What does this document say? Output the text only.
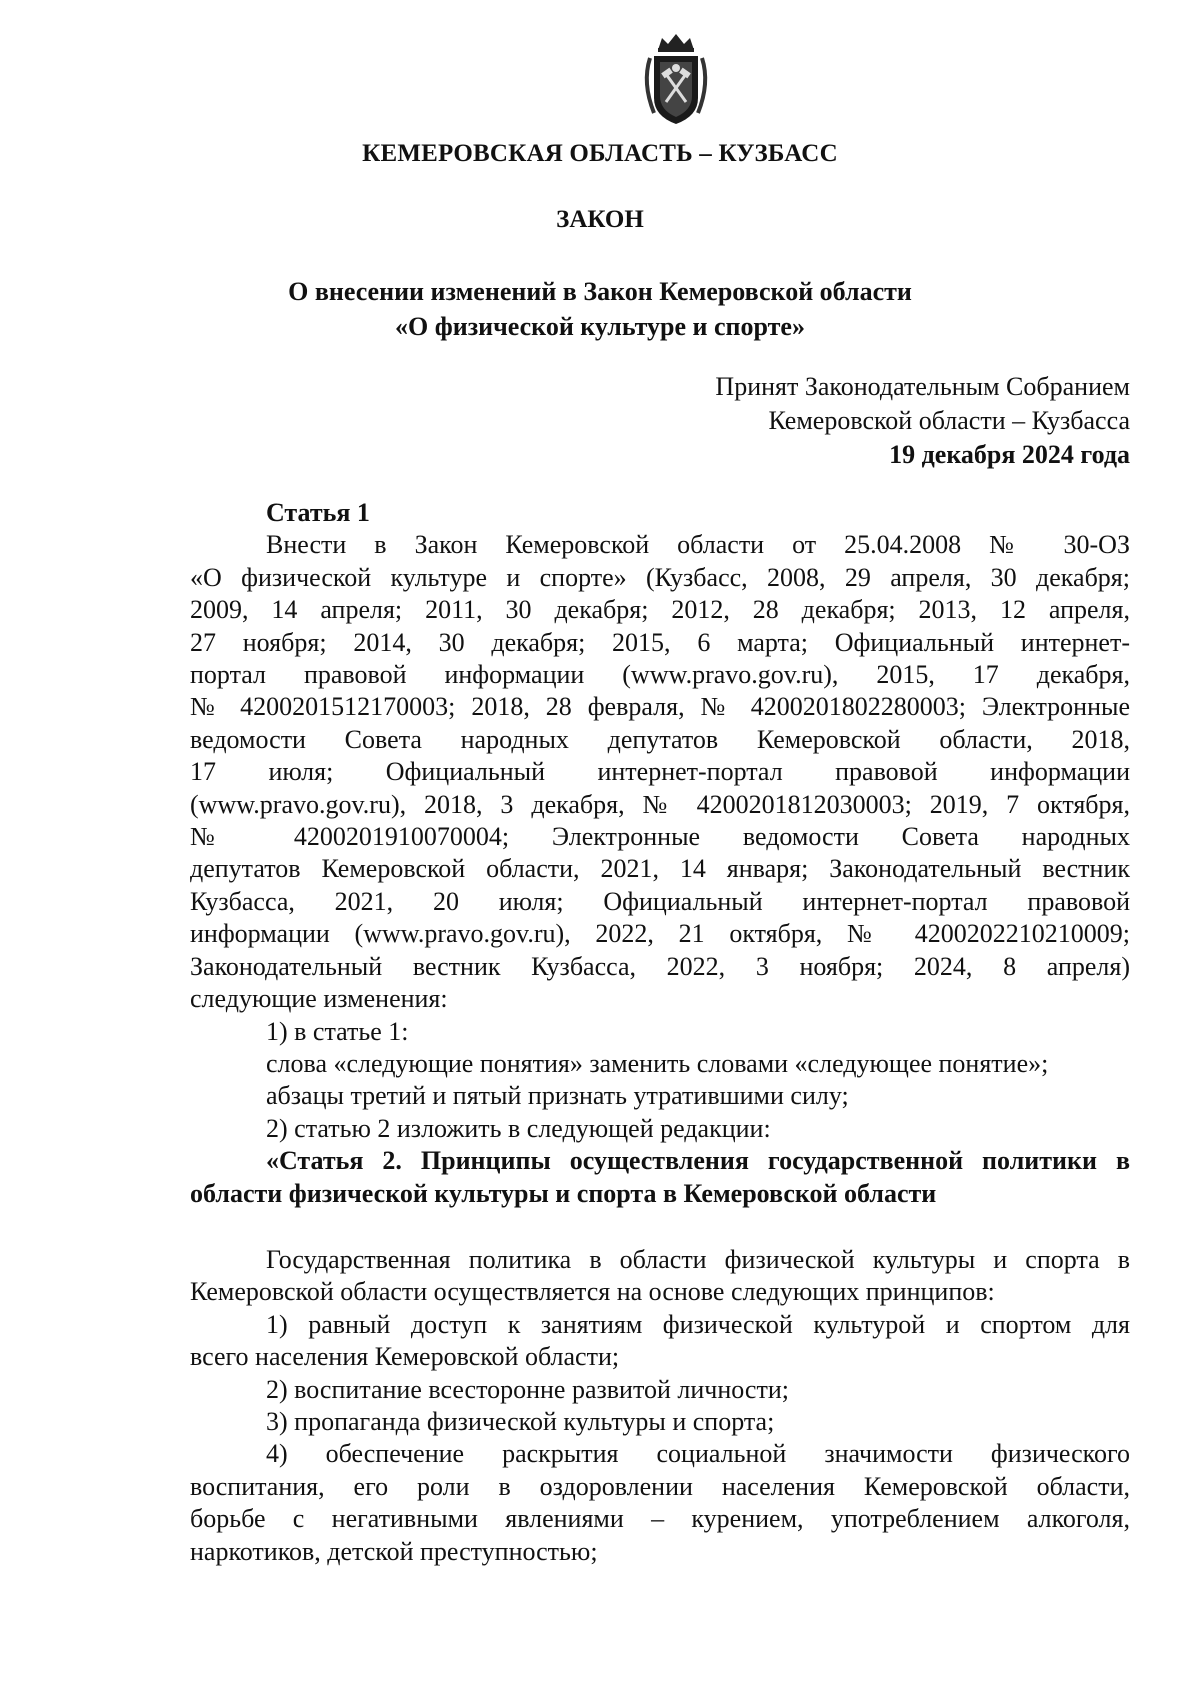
КЕМЕРОВСКАЯ ОБЛАСТЬ – КУЗБАСС
ЗАКОН
О внесении изменений в Закон Кемеровской области
«О физической культуре и спорте»
Принят Законодательным Собранием
Кемеровской области – Кузбасса
19 декабря 2024 года

Статья 1

Внести в Закон Кемеровской области от 25.04.2008 № 30-ОЗ

«О физической культуре и спорте» (Кузбасс, 2008, 29 апреля, 30 декабря;

2009, 14 апреля; 2011, 30 декабря; 2012, 28 декабря; 2013, 12 апреля,

27 ноября; 2014, 30 декабря; 2015, 6 марта; Официальный интернет-

портал правовой информации (www.pravo.gov.ru), 2015, 17 декабря,

№ 4200201512170003; 2018, 28 февраля, № 4200201802280003; Электронные

ведомости Совета народных депутатов Кемеровской области, 2018,

17 июля; Официальный интернет-портал правовой информации

(www.pravo.gov.ru), 2018, 3 декабря, № 4200201812030003; 2019, 7 октября,

№ 4200201910070004; Электронные ведомости Совета народных

депутатов Кемеровской области, 2021, 14 января; Законодательный вестник

Кузбасса, 2021, 20 июля; Официальный интернет-портал правовой

информации (www.pravo.gov.ru), 2022, 21 октября, № 4200202210210009;

Законодательный вестник Кузбасса, 2022, 3 ноября; 2024, 8 апреля)

следующие изменения:

1) в статье 1:

слова «следующие понятия» заменить словами «следующее понятие»;

абзацы третий и пятый признать утратившими силу;

2) статью 2 изложить в следующей редакции:

«Статья 2. Принципы осуществления государственной политики в

области физической культуры и спорта в Кемеровской области

Государственная политика в области физической культуры и спорта в

Кемеровской области осуществляется на основе следующих принципов:

1) равный доступ к занятиям физической культурой и спортом для

всего населения Кемеровской области;

2) воспитание всесторонне развитой личности;

3) пропаганда физической культуры и спорта;

4) обеспечение раскрытия социальной значимости физического

воспитания, его роли в оздоровлении населения Кемеровской области,

борьбе с негативными явлениями – курением, употреблением алкоголя,

наркотиков, детской преступностью;
